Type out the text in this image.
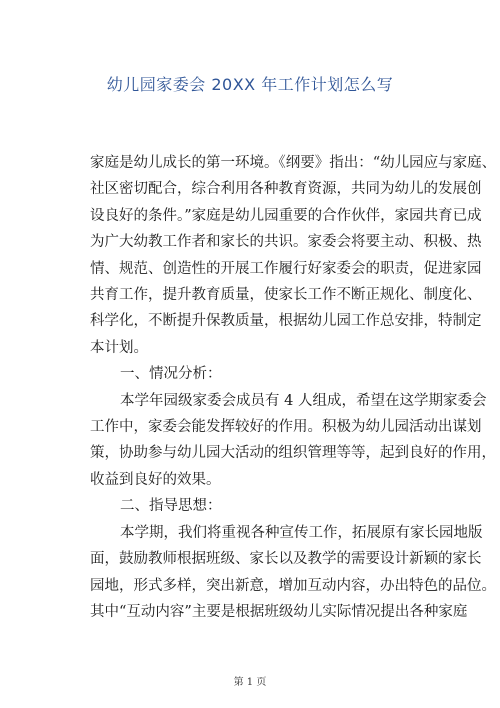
幼儿园家委会 20XX 年工作计划怎么写
家庭是幼儿成长的第一环境。《纲要》指出：“幼儿园应与家庭、
社区密切配合，综合利用各种教育资源，共同为幼儿的发展创
设良好的条件。”家庭是幼儿园重要的合作伙伴，家园共育已成
为广大幼教工作者和家长的共识。家委会将要主动、积极、热
情、规范、创造性的开展工作履行好家委会的职责，促进家园
共育工作，提升教育质量，使家长工作不断正规化、制度化、
科学化，不断提升保教质量，根据幼儿园工作总安排，特制定
本计划。
一、情况分析：
本学年园级家委会成员有 4 人组成，希望在这学期家委会
工作中，家委会能发挥较好的作用。积极为幼儿园活动出谋划
策，协助参与幼儿园大活动的组织管理等等，起到良好的作用，
收益到良好的效果。
二、指导思想：
本学期，我们将重视各种宣传工作，拓展原有家长园地版
面，鼓励教师根据班级、家长以及教学的需要设计新颖的家长
园地，形式多样，突出新意，增加互动内容，办出特色的品位。
其中“互动内容”主要是根据班级幼儿实际情况提出各种家庭
第 1 页
